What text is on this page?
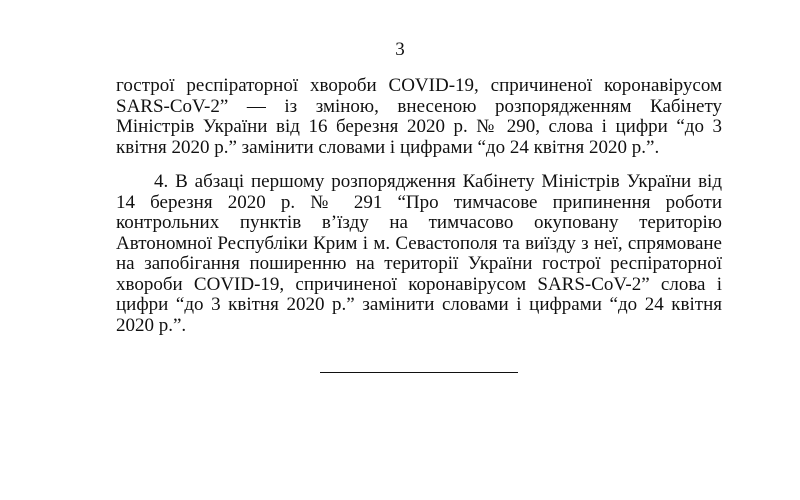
3

гострої респіраторної хвороби COVID-19, спричиненої коронавірусом SARS-CoV-2” — із зміною, внесеною розпорядженням Кабінету Міністрів України від 16 березня 2020 р. № 290, слова і цифри “до 3 квітня 2020 р.” замінити словами і цифрами “до 24 квітня 2020 р.”.

4. В абзаці першому розпорядження Кабінету Міністрів України від 14 березня 2020 р. № 291 “Про тимчасове припинення роботи контрольних пунктів в’їзду на тимчасово окуповану територію Автономної Республіки Крим і м. Севастополя та виїзду з неї, спрямоване на запобігання поширенню на території України гострої респіраторної хвороби COVID-19, спричиненої коронавірусом SARS-CoV-2” слова і цифри “до 3 квітня 2020 р.” замінити словами і цифрами “до 24 квітня 2020 р.”.
